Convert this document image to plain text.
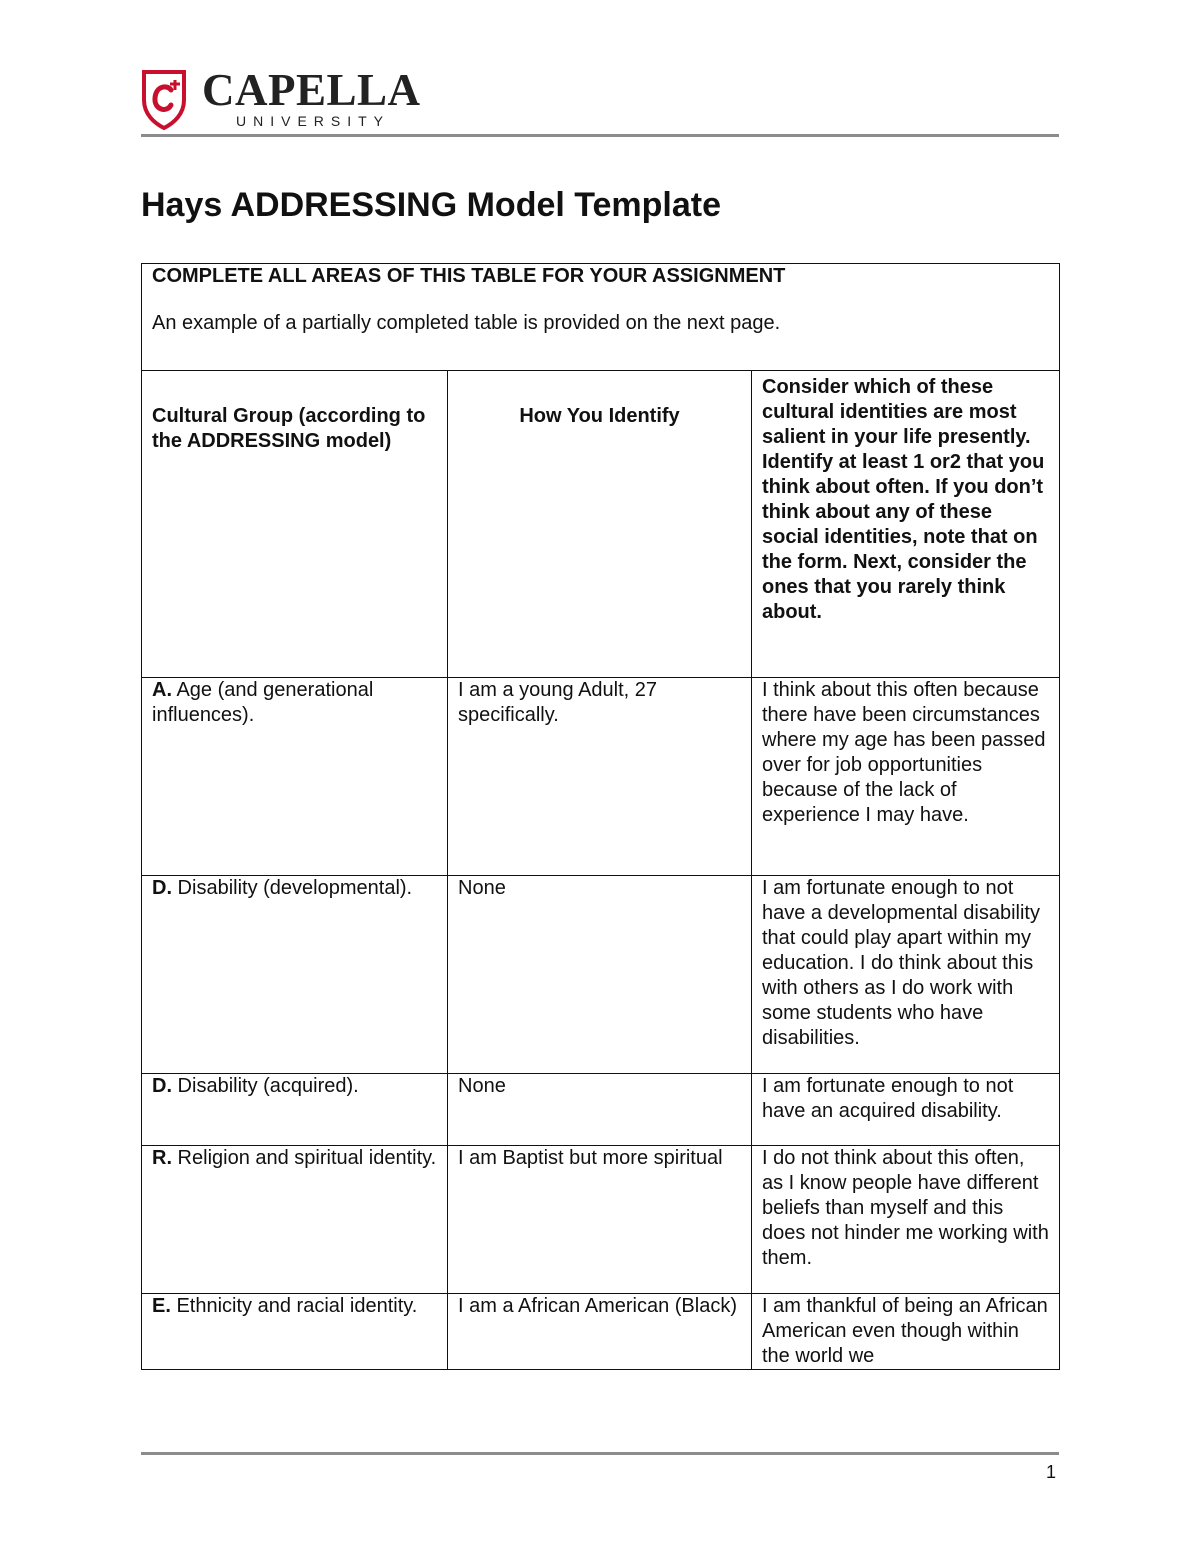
CAPELLA
UNIVERSITY
Hays ADDRESSING Model Template

COMPLETE ALL AREAS OF THIS TABLE FOR YOUR ASSIGNMENT

An example of a partially completed table is provided on the next page.		

Cultural Group (according to the ADDRESSING model)	How You Identify	Consider which of these cultural identities are most salient in your life presently. Identify at least 1 or2 that you think about often. If you don’t think about any of these social identities, note that on the form. Next, consider the ones that you rarely think about.
A. Age (and generational influences).	I am a young Adult, 27 specifically.	I think about this often because there have been circumstances where my age has been passed over for job opportunities because of the lack of experience I may have.
D. Disability (developmental).	None	I am fortunate enough to not have a developmental disability that could play apart within my education. I do think about this with others as I do work with some students who have disabilities.
D. Disability (acquired).	None	I am fortunate enough to not have an acquired disability.
R. Religion and spiritual identity.	I am Baptist but more spiritual	I do not think about this often, as I know people have different beliefs than myself and this does not hinder me working with them.
E. Ethnicity and racial identity.	I am a African American (Black)	I am thankful of being an African American even though within the world we
1
